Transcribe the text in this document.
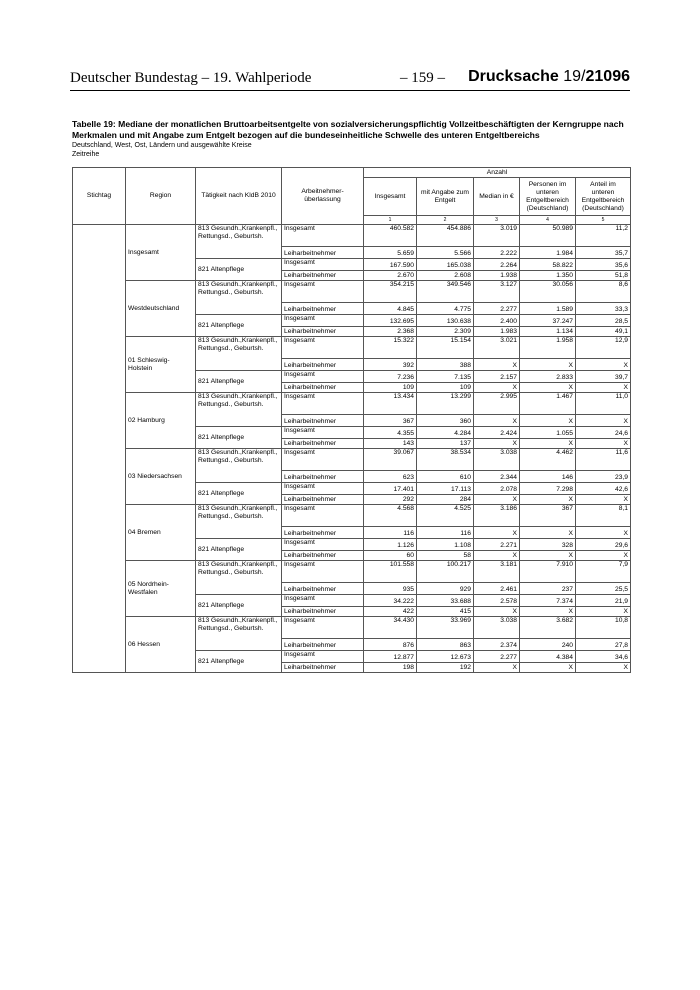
Deutscher Bundestag – 19. Wahlperiode	– 159 – Drucksache 19/21096
Tabelle 19: Mediane der monatlichen Bruttoarbeitsentgelte von sozialversicherungspflichtig Vollzeitbeschäftigten der Kerngruppe nach Merkmalen und mit Angabe zum Entgelt bezogen auf die bundeseinheitliche Schwelle des unteren Entgeltbereichs
Deutschland, West, Ost, Ländern und ausgewählte Kreise
Zeitreihe
Stichtag	Region	Tätigkeit nach KldB 2010	Arbeitnehmer-überlassung	Anzahl				
				Insgesamt	mit Angabe zum Entgelt	Median in €	Personen im unteren Entgeltbereich (Deutschland)	Anteil im unteren Entgeltbereich (Deutschland)
				1	2	3	4	5
	Insgesamt	813 Gesundh.,Krankenpfl., Rettungsd., Geburtsh.	Insgesamt	460.582	454.886	3.019	50.989	11,2
			Leiharbeitnehmer	5.659	5.566	2.222	1.984	35,7
		821 Altenpflege	Insgesamt	167.590	165.038	2.264	58.822	35,6
			Leiharbeitnehmer	2.670	2.608	1.938	1.350	51,8
	Westdeutschland	813 Gesundh.,Krankenpfl., Rettungsd., Geburtsh.	Insgesamt	354.215	349.546	3.127	30.056	8,6
			Leiharbeitnehmer	4.845	4.775	2.277	1.589	33,3
		821 Altenpflege	Insgesamt	132.695	130.638	2.400	37.247	28,5
			Leiharbeitnehmer	2.368	2.309	1.983	1.134	49,1
	01 Schleswig-Holstein	813 Gesundh.,Krankenpfl., Rettungsd., Geburtsh.	Insgesamt	15.322	15.154	3.021	1.958	12,9
			Leiharbeitnehmer	392	388	X	X	X
		821 Altenpflege	Insgesamt	7.236	7.135	2.157	2.833	39,7
			Leiharbeitnehmer	109	109	X	X	X
	02 Hamburg	813 Gesundh.,Krankenpfl., Rettungsd., Geburtsh.	Insgesamt	13.434	13.299	2.995	1.467	11,0
			Leiharbeitnehmer	367	360	X	X	X
		821 Altenpflege	Insgesamt	4.355	4.284	2.424	1.055	24,6
			Leiharbeitnehmer	143	137	X	X	X
	03 Niedersachsen	813 Gesundh.,Krankenpfl., Rettungsd., Geburtsh.	Insgesamt	39.067	38.534	3.038	4.462	11,6
			Leiharbeitnehmer	623	610	2.344	146	23,9
		821 Altenpflege	Insgesamt	17.401	17.113	2.078	7.298	42,6
			Leiharbeitnehmer	292	284	X	X	X
	04 Bremen	813 Gesundh.,Krankenpfl., Rettungsd., Geburtsh.	Insgesamt	4.568	4.525	3.186	367	8,1
			Leiharbeitnehmer	116	116	X	X	X
		821 Altenpflege	Insgesamt	1.126	1.108	2.271	328	29,6
			Leiharbeitnehmer	60	58	X	X	X
	05 Nordrhein-Westfalen	813 Gesundh.,Krankenpfl., Rettungsd., Geburtsh.	Insgesamt	101.558	100.217	3.181	7.910	7,9
			Leiharbeitnehmer	935	929	2.461	237	25,5
		821 Altenpflege	Insgesamt	34.222	33.688	2.578	7.374	21,9
			Leiharbeitnehmer	422	415	X	X	X
	06 Hessen	813 Gesundh.,Krankenpfl., Rettungsd., Geburtsh.	Insgesamt	34.430	33.969	3.038	3.682	10,8
			Leiharbeitnehmer	876	863	2.374	240	27,8
		821 Altenpflege	Insgesamt	12.877	12.673	2.277	4.384	34,6
			Leiharbeitnehmer	198	192	X	X	X
